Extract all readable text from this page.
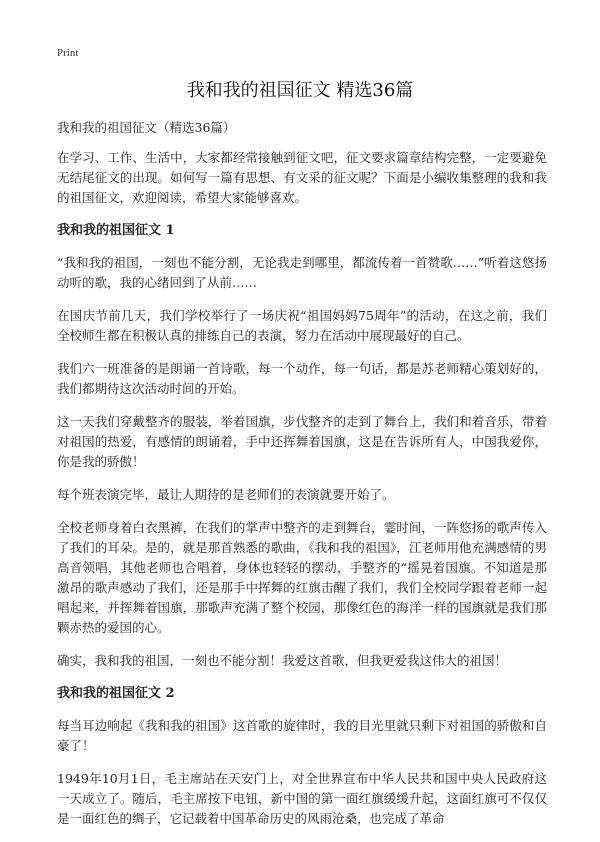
Print
我和我的祖国征文 精选36篇
我和我的祖国征文（精选36篇）

在学习、工作、生活中，大家都经常接触到征文吧，征文要求篇章结构完整，一定要避免无结尾征文的出现。如何写一篇有思想、有文采的征文呢？下面是小编收集整理的我和我的祖国征文，欢迎阅读，希望大家能够喜欢。

我和我的祖国征文 1

“我和我的祖国，一刻也不能分割，无论我走到哪里，都流传着一首赞歌……”听着这悠扬动听的歌，我的心绪回到了从前……

在国庆节前几天，我们学校举行了一场庆祝“祖国妈妈75周年”的活动，在这之前，我们全校师生都在积极认真的排练自己的表演，努力在活动中展现最好的自己。

我们六一班准备的是朗诵一首诗歌，每一个动作，每一句话，都是苏老师精心策划好的，我们都期待这次活动时间的开始。

这一天我们穿戴整齐的服装，举着国旗，步伐整齐的走到了舞台上，我们和着音乐，带着对祖国的热爱，有感情的朗诵着，手中还挥舞着国旗，这是在告诉所有人，中国我爱你，你是我的骄傲！

每个班表演完毕，最让人期待的是老师们的表演就要开始了。

全校老师身着白衣黑裤，在我们的掌声中整齐的走到舞台，霎时间，一阵悠扬的歌声传入了我们的耳朵。是的，就是那首熟悉的歌曲，《我和我的祖国》，江老师用他充满感情的男高音领唱，其他老师也合唱着，身体也轻轻的摆动，手整齐的“摇晃着国旗。不知道是那激昂的歌声感动了我们，还是那手中挥舞的红旗击醒了我们，我们全校同学跟着老师一起唱起来，并挥舞着国旗，那歌声充满了整个校园，那像红色的海洋一样的国旗就是我们那颗赤热的爱国的心。

确实，我和我的祖国，一刻也不能分割！我爱这首歌，但我更爱我这伟大的祖国！

我和我的祖国征文 2

每当耳边响起《我和我的祖国》这首歌的旋律时，我的目光里就只剩下对祖国的骄傲和自豪了！

1949年10月1日，毛主席站在天安门上，对全世界宣布中华人民共和国中央人民政府这一天成立了。随后，毛主席按下电钮，新中国的第一面红旗缓缓升起，这面红旗可不仅仅是一面红色的绸子，它记载着中国革命历史的风雨沧桑，也完成了革命
